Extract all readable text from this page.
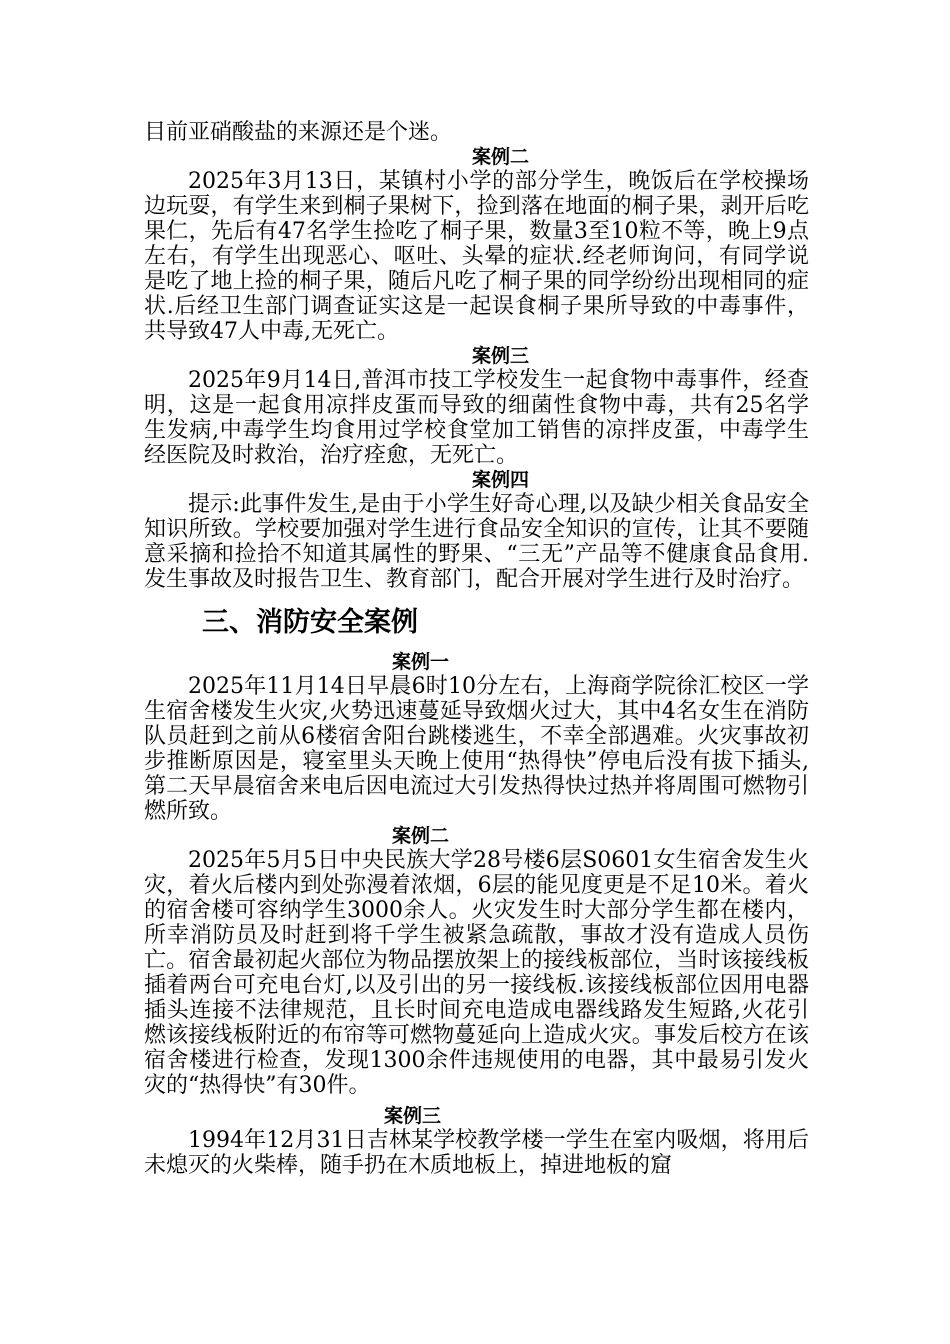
目前亚硝酸盐的来源还是个迷。

案例二

2025年3月13日，某镇村小学的部分学生，晚饭后在学校操场边玩耍，有学生来到桐子果树下，捡到落在地面的桐子果，剥开后吃果仁，先后有47名学生捡吃了桐子果，数量3至10粒不等，晚上9点左右，有学生出现恶心、呕吐、头晕的症状.经老师询问，有同学说是吃了地上捡的桐子果，随后凡吃了桐子果的同学纷纷出现相同的症状.后经卫生部门调查证实这是一起误食桐子果所导致的中毒事件，共导致47人中毒,无死亡。

案例三

2025年9月14日,普洱市技工学校发生一起食物中毒事件，经查明，这是一起食用凉拌皮蛋而导致的细菌性食物中毒，共有25名学生发病,中毒学生均食用过学校食堂加工销售的凉拌皮蛋，中毒学生经医院及时救治，治疗痊愈，无死亡。

案例四

提示:此事件发生,是由于小学生好奇心理,以及缺少相关食品安全知识所致。学校要加强对学生进行食品安全知识的宣传，让其不要随意采摘和捡拾不知道其属性的野果、“三无”产品等不健康食品食用.发生事故及时报告卫生、教育部门，配合开展对学生进行及时治疗。

三、消防安全案例
案例一

2025年11月14日早晨6时10分左右，上海商学院徐汇校区一学生宿舍楼发生火灾,火势迅速蔓延导致烟火过大，其中4名女生在消防队员赶到之前从6楼宿舍阳台跳楼逃生，不幸全部遇难。火灾事故初步推断原因是，寝室里头天晚上使用“热得快”停电后没有拔下插头,第二天早晨宿舍来电后因电流过大引发热得快过热并将周围可燃物引燃所致。

案例二

2025年5月5日中央民族大学28号楼6层S0601女生宿舍发生火灾，着火后楼内到处弥漫着浓烟，6层的能见度更是不足10米。着火的宿舍楼可容纳学生3000余人。火灾发生时大部分学生都在楼内，所幸消防员及时赶到将千学生被紧急疏散，事故才没有造成人员伤亡。宿舍最初起火部位为物品摆放架上的接线板部位，当时该接线板插着两台可充电台灯,以及引出的另一接线板.该接线板部位因用电器插头连接不法律规范，且长时间充电造成电器线路发生短路,火花引燃该接线板附近的布帘等可燃物蔓延向上造成火灾。事发后校方在该宿舍楼进行检查，发现1300余件违规使用的电器，其中最易引发火灾的“热得快”有30件。

案例三

1994年12月31日吉林某学校教学楼一学生在室内吸烟，将用后未熄灭的火柴棒，随手扔在木质地板上，掉进地板的窟
